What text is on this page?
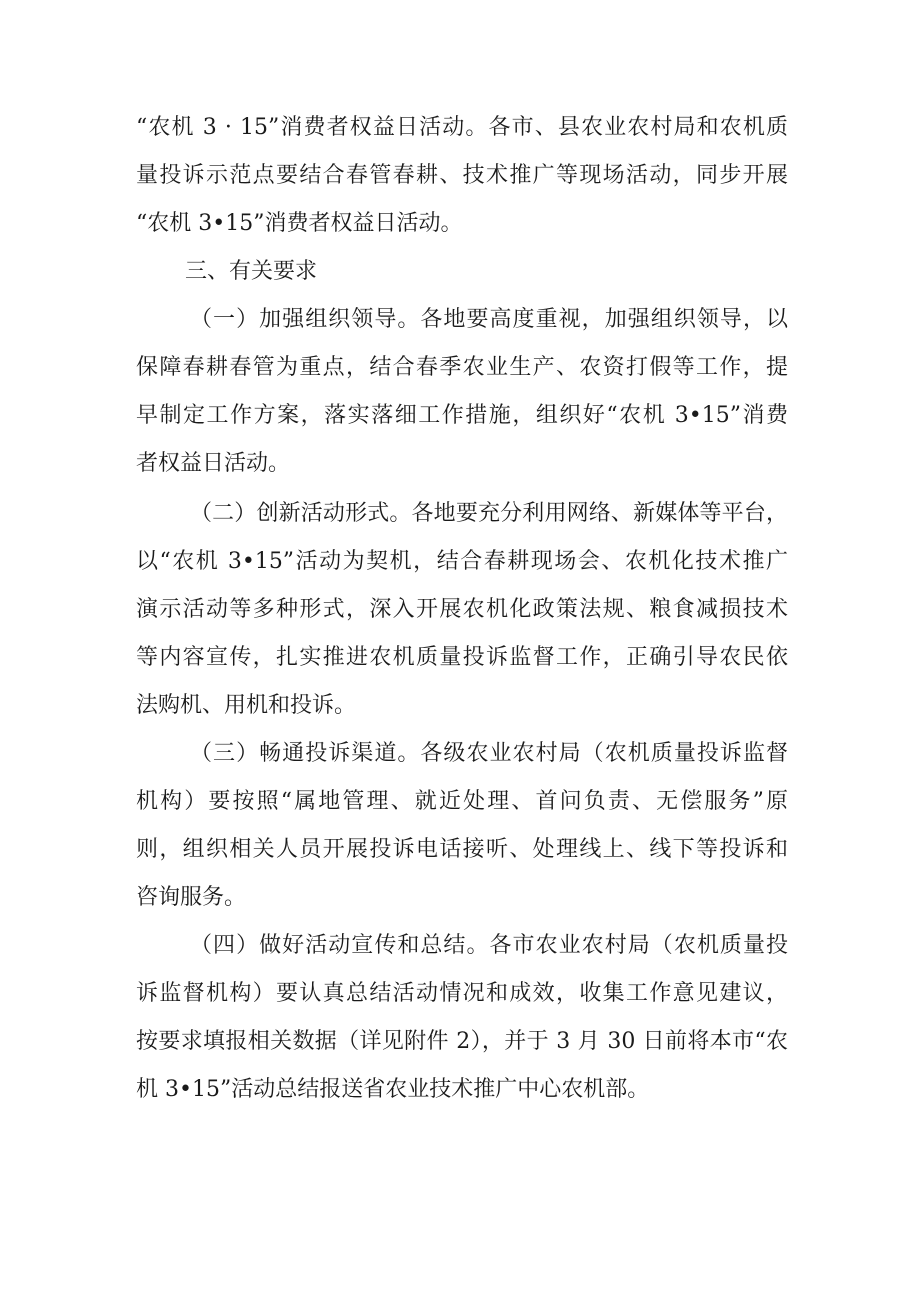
“农机 3 · 15”消费者权益日活动。各市、县农业农村局和农机质
量投诉示范点要结合春管春耕、技术推广等现场活动，同步开展
“农机 3•15”消费者权益日活动。
三、有关要求
（一）加强组织领导。各地要高度重视，加强组织领导，以
保障春耕春管为重点，结合春季农业生产、农资打假等工作，提
早制定工作方案，落实落细工作措施，组织好“农机 3•15”消费
者权益日活动。
（二）创新活动形式。各地要充分利用网络、新媒体等平台，
以“农机 3•15”活动为契机，结合春耕现场会、农机化技术推广
演示活动等多种形式，深入开展农机化政策法规、粮食减损技术
等内容宣传，扎实推进农机质量投诉监督工作，正确引导农民依
法购机、用机和投诉。
（三）畅通投诉渠道。各级农业农村局（农机质量投诉监督
机构）要按照“属地管理、就近处理、首问负责、无偿服务”原
则，组织相关人员开展投诉电话接听、处理线上、线下等投诉和
咨询服务。
（四）做好活动宣传和总结。各市农业农村局（农机质量投
诉监督机构）要认真总结活动情况和成效，收集工作意见建议，
按要求填报相关数据（详见附件 2），并于 3 月 30 日前将本市“农
机 3•15”活动总结报送省农业技术推广中心农机部。
